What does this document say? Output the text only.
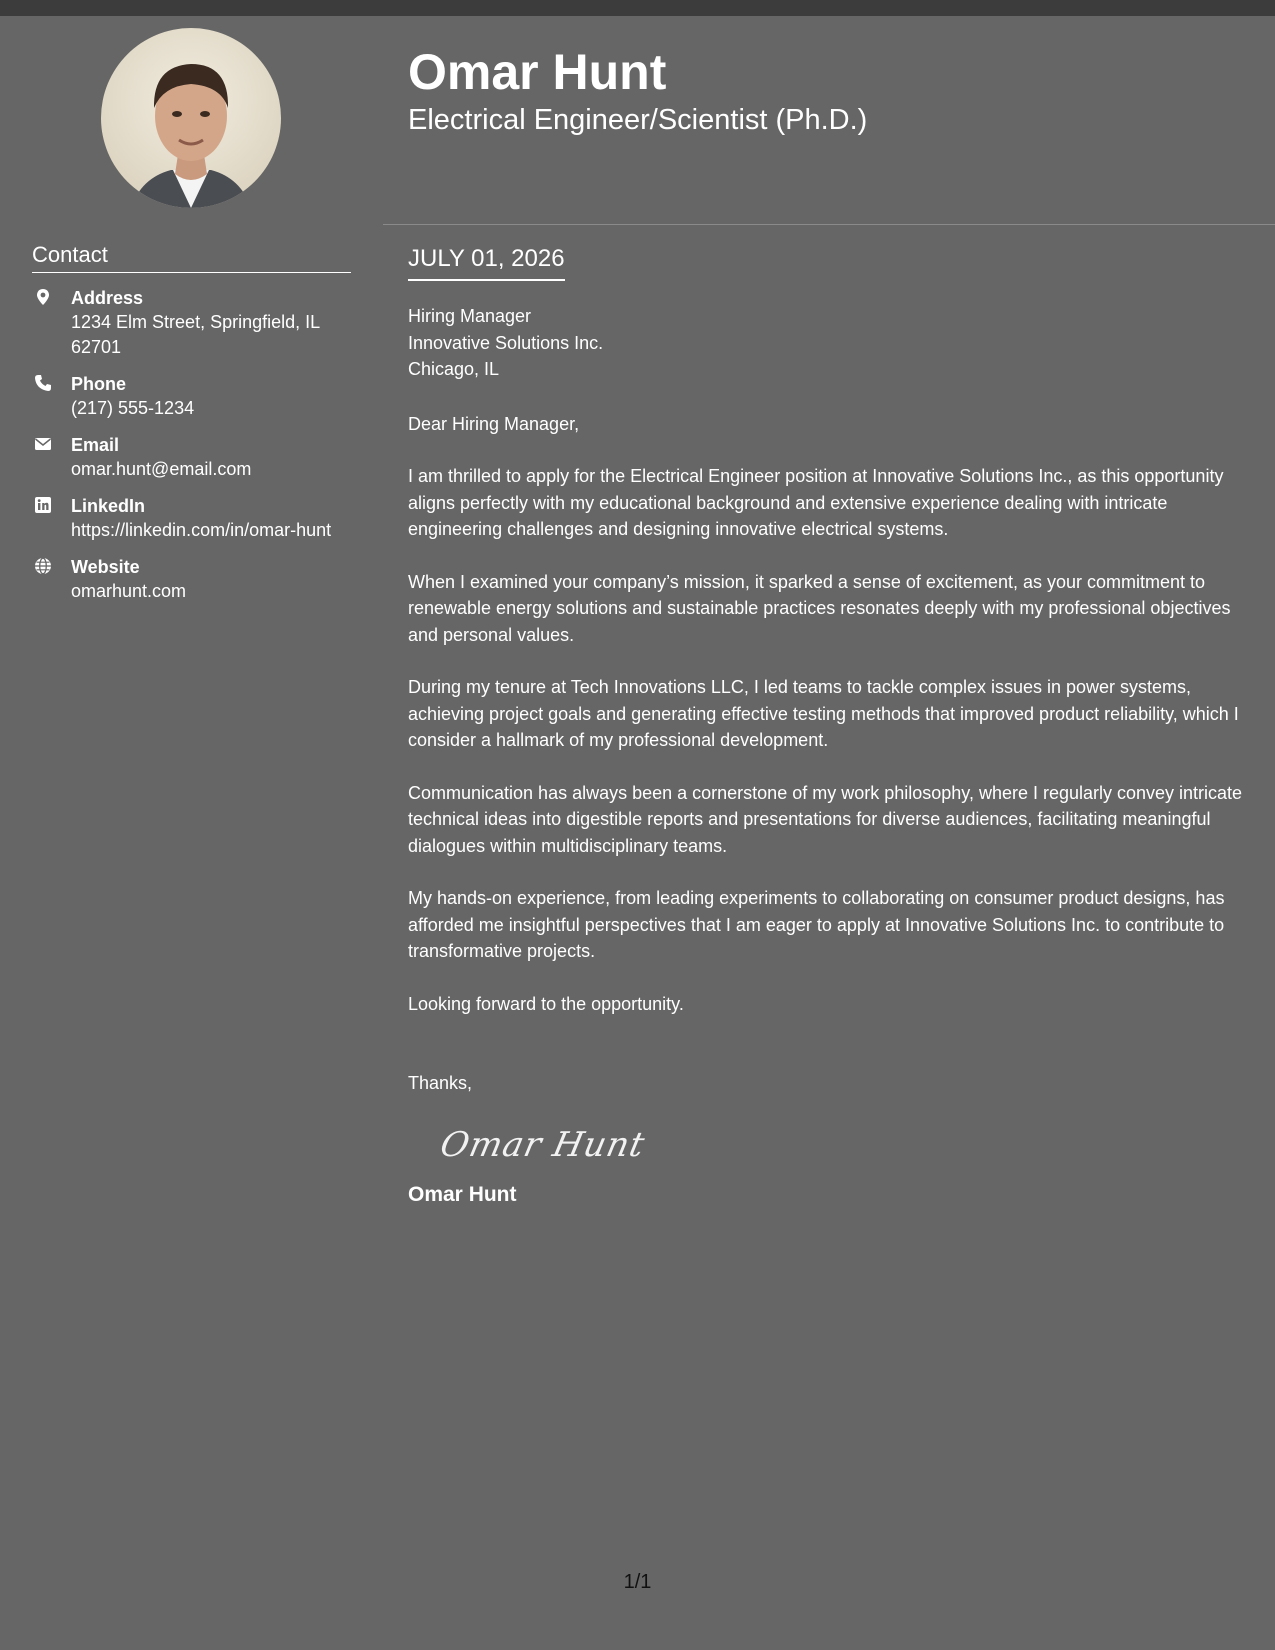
Contact
Address
1234 Elm Street, Springfield, IL 62701
Phone
(217) 555-1234
Email
omar.hunt@email.com
LinkedIn
https://linkedin.com/in/omar-hunt
Website
omarhunt.com
Omar Hunt
Electrical Engineer/Scientist (Ph.D.)
JULY 01, 2026
Hiring Manager
Innovative Solutions Inc.
Chicago, IL
Dear Hiring Manager,

I am thrilled to apply for the Electrical Engineer position at Innovative Solutions Inc., as this opportunity aligns perfectly with my educational background and extensive experience dealing with intricate engineering challenges and designing innovative electrical systems.

When I examined your company’s mission, it sparked a sense of excitement, as your commitment to renewable energy solutions and sustainable practices resonates deeply with my professional objectives and personal values.

During my tenure at Tech Innovations LLC, I led teams to tackle complex issues in power systems, achieving project goals and generating effective testing methods that improved product reliability, which I consider a hallmark of my professional development.

Communication has always been a cornerstone of my work philosophy, where I regularly convey intricate technical ideas into digestible reports and presentations for diverse audiences, facilitating meaningful dialogues within multidisciplinary teams.

My hands-on experience, from leading experiments to collaborating on consumer product designs, has afforded me insightful perspectives that I am eager to apply at Innovative Solutions Inc. to contribute to transformative projects.

Looking forward to the opportunity.

Thanks,
Omar Hunt
Omar Hunt
1/1
